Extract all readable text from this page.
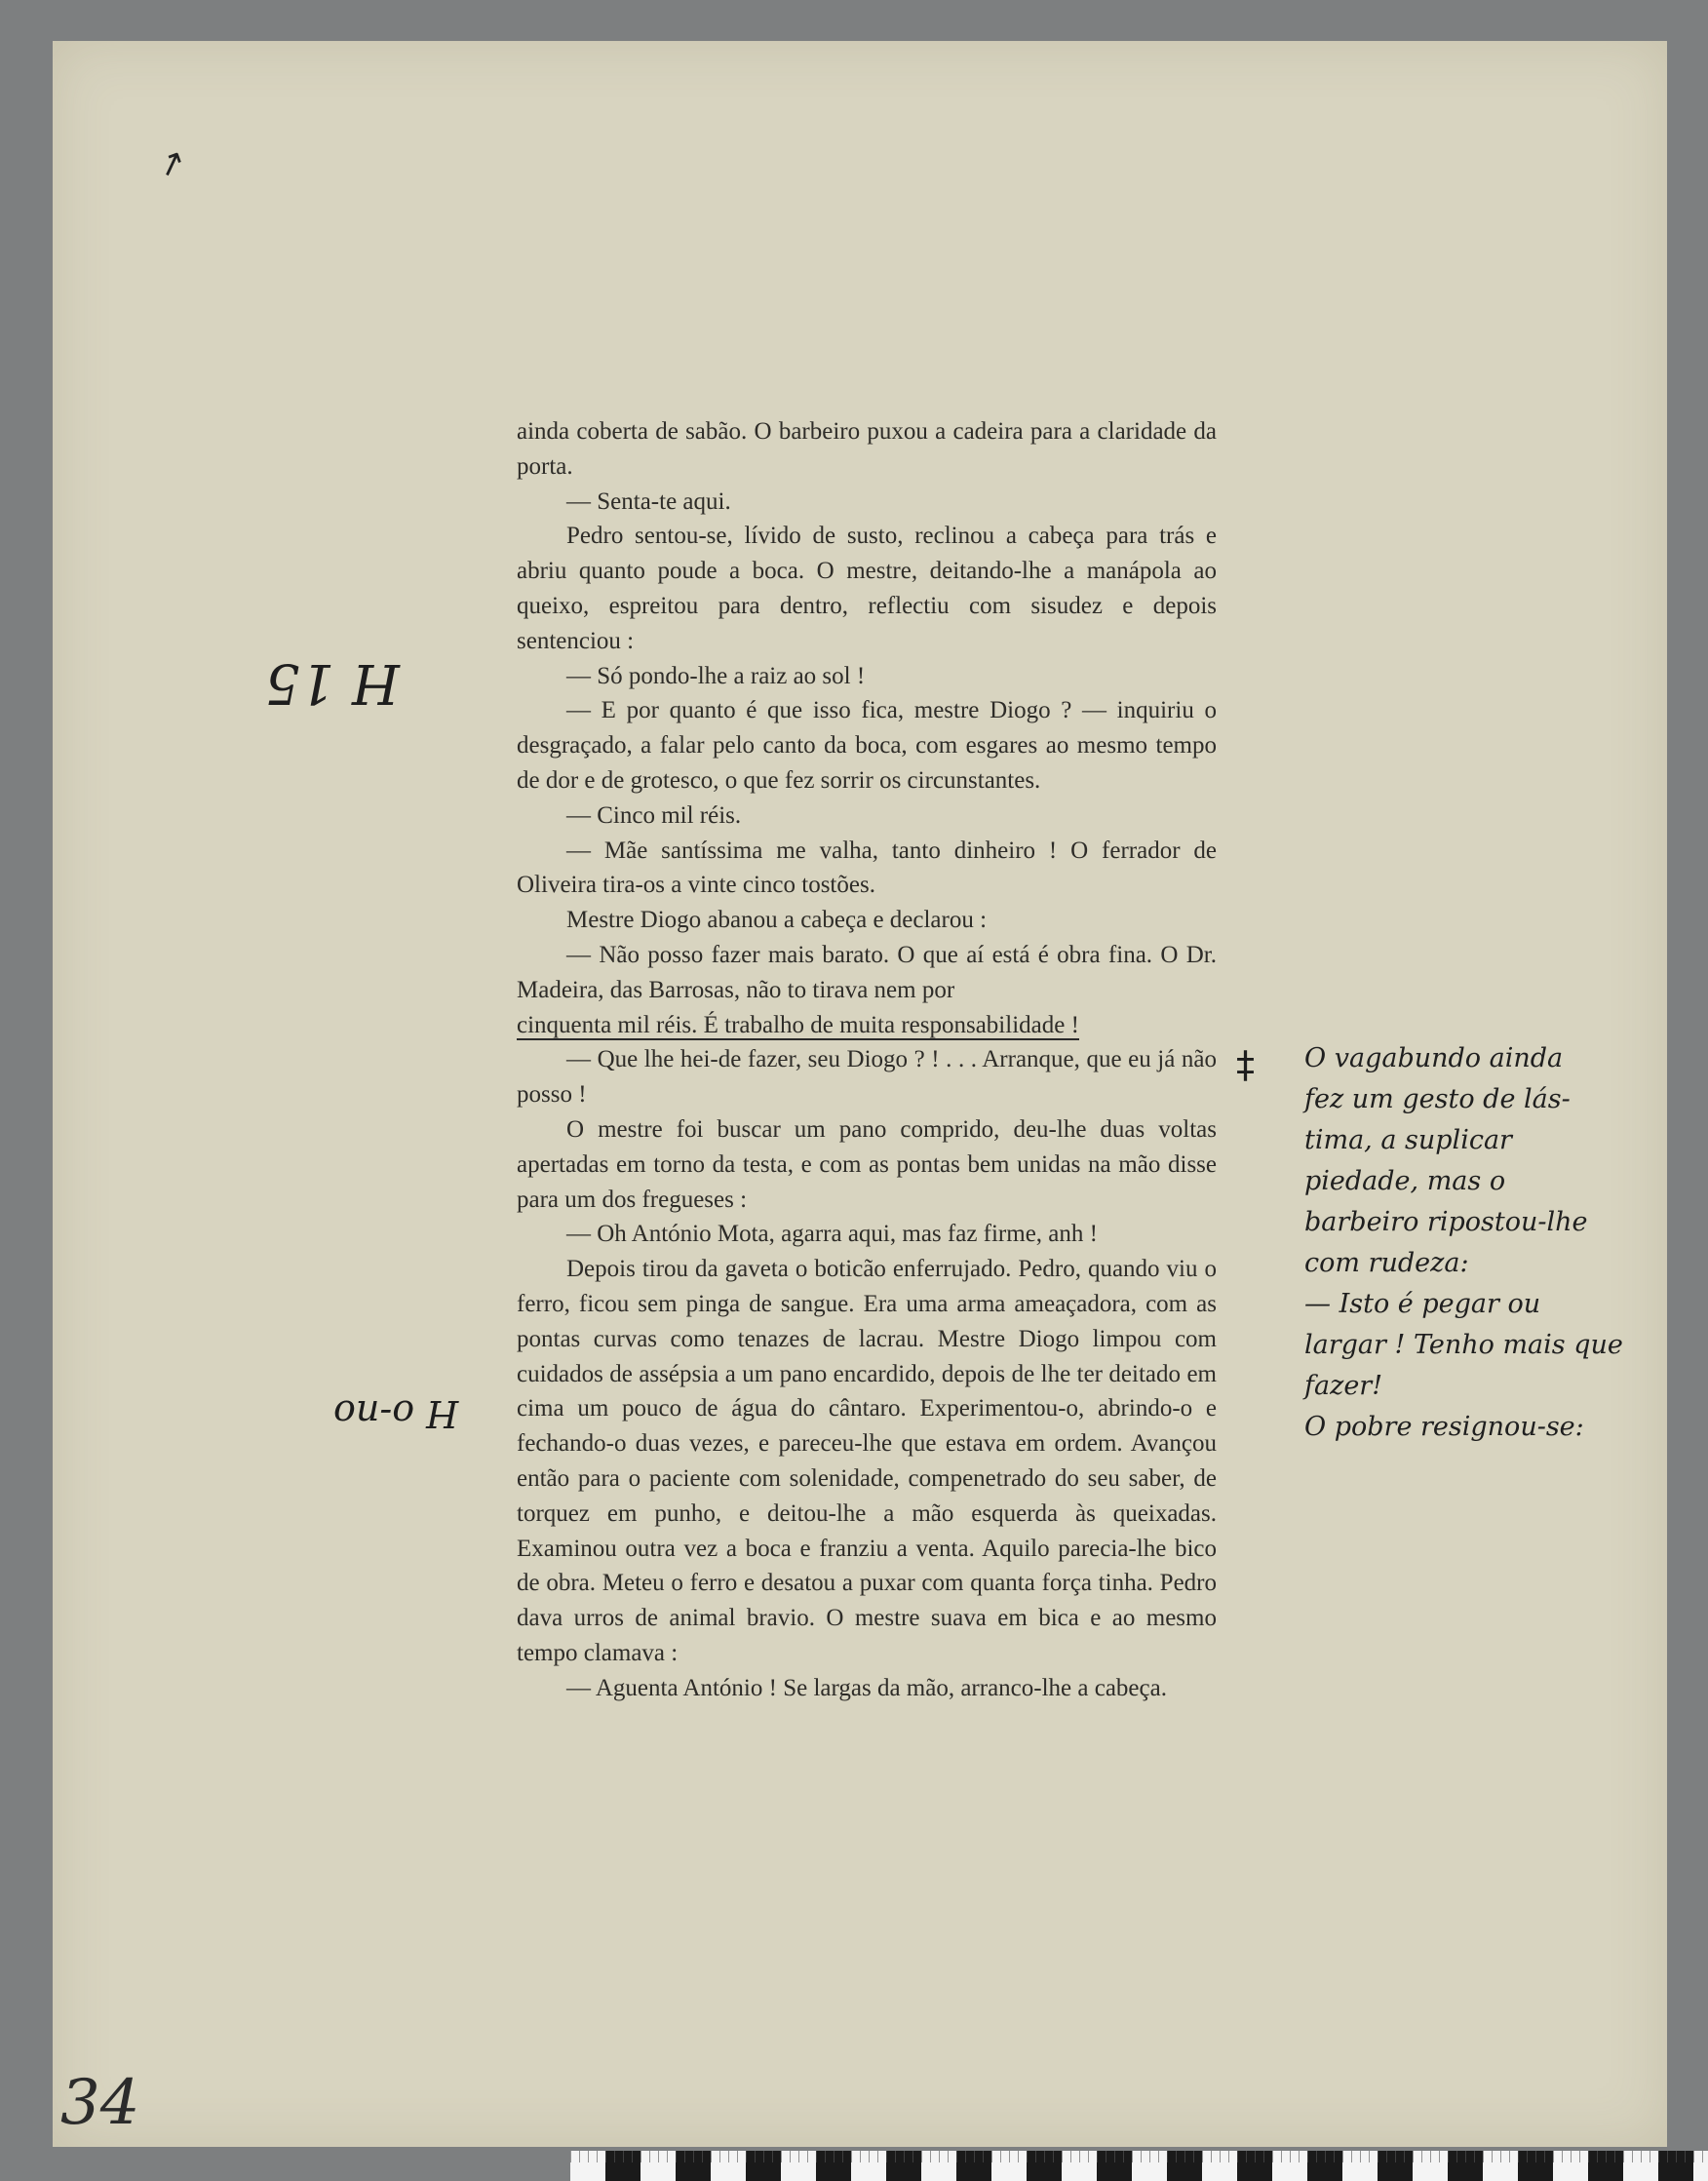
↗

ainda coberta de sabão. O barbeiro puxou a cadeira para a claridade da porta.

— Senta-te aqui.

Pedro sentou-se, lívido de susto, reclinou a cabeça para trás e abriu quanto poude a boca. O mestre, deitando-lhe a manápola ao queixo, espreitou para dentro, reflectiu com sisudez e depois sentenciou :

— Só pondo-lhe a raiz ao sol !

— E por quanto é que isso fica, mestre Diogo ? — inquiriu o desgraçado, a falar pelo canto da boca, com esgares ao mesmo tempo de dor e de grotesco, o que fez sorrir os circunstantes.

— Cinco mil réis.

— Mãe santíssima me valha, tanto dinheiro ! O ferrador de Oliveira tira-os a vinte cinco tostões.

Mestre Diogo abanou a cabeça e declarou :

— Não posso fazer mais barato. O que aí está é obra fina. O Dr. Madeira, das Barrosas, não to tirava nem por

cinquenta mil réis. É trabalho de muita responsabilidade !

— Que lhe hei-de fazer, seu Diogo ? ! . . . Arranque, que eu já não posso !

O mestre foi buscar um pano comprido, deu-lhe duas voltas apertadas em torno da testa, e com as pontas bem unidas na mão disse para um dos fregueses :

— Oh António Mota, agarra aqui, mas faz firme, anh !

Depois tirou da gaveta o boticão enferrujado. Pedro, quando viu o ferro, ficou sem pinga de sangue. Era uma arma ameaçadora, com as pontas curvas como tenazes de lacrau. Mestre Diogo limpou com cuidados de assépsia a um pano encardido, depois de lhe ter deitado em cima um pouco de água do cântaro. Experimentou-o, abrindo-o e fechando-o duas vezes, e pareceu-lhe que estava em ordem. Avançou então para o paciente com solenidade, compenetrado do seu saber, de torquez em punho, e deitou-lhe a mão esquerda às queixadas. Examinou outra vez a boca e franziu a venta. Aquilo parecia-lhe bico de obra. Meteu o ferro e desatou a puxar com quanta força tinha. Pedro dava urros de animal bravio. O mestre suava em bica e ao mesmo tempo clamava :

— Aguenta António ! Se largas da mão, arranco-lhe a cabeça.

H 15
H o-no
‡ O vagabundo ainda

fez um gesto de lás-

tima, a suplicar

piedade, mas o

barbeiro ripostou-lhe

com rudeza:

— Isto é pegar ou

largar ! Tenho mais que fazer!

O pobre resignou-se:

34
